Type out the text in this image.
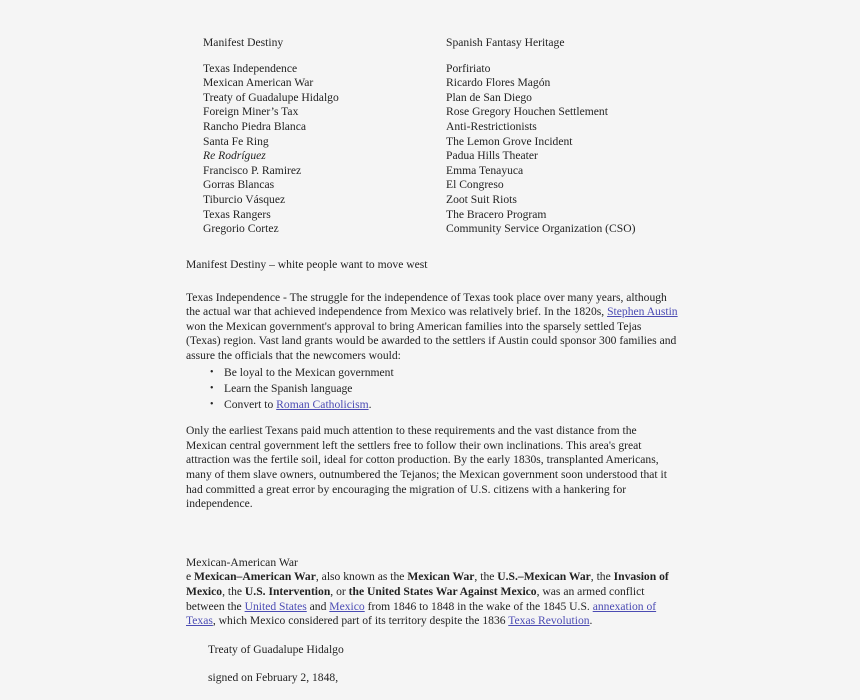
Manifest Destiny
Texas Independence
Mexican American War
Treaty of Guadalupe Hidalgo
Foreign Miner’s Tax
Rancho Piedra Blanca
Santa Fe Ring
Re Rodríguez
Francisco P. Ramirez
Gorras Blancas
Tiburcio Vásquez
Texas Rangers
Gregorio Cortez
Spanish Fantasy Heritage
Porfiriato
Ricardo Flores Magón
Plan de San Diego
Rose Gregory Houchen Settlement
Anti-Restrictionists
The Lemon Grove Incident
Padua Hills Theater
Emma Tenayuca
El Congreso
Zoot Suit Riots
The Bracero Program
Community Service Organization (CSO)

Manifest Destiny – white people want to move west

Texas Independence - The struggle for the independence of Texas took place over many years, although the actual war that achieved independence from Mexico was relatively brief. In the 1820s, Stephen Austin won the Mexican government's approval to bring American families into the sparsely settled Tejas (Texas) region. Vast land grants would be awarded to the settlers if Austin could sponsor 300 families and assure the officials that the newcomers would:

• Be loyal to the Mexican government
• Learn the Spanish language
• Convert to Roman Catholicism.

Only the earliest Texans paid much attention to these requirements and the vast distance from the Mexican central government left the settlers free to follow their own inclinations. This area's great attraction was the fertile soil, ideal for cotton production. By the early 1830s, transplanted Americans, many of them slave owners, outnumbered the Tejanos; the Mexican government soon understood that it had committed a great error by encouraging the migration of U.S. citizens with a hankering for independence.

Mexican-American War

e Mexican–American War, also known as the Mexican War, the U.S.–Mexican War, the Invasion of Mexico, the U.S. Intervention, or the United States War Against Mexico, was an armed conflict between the United States and Mexico from 1846 to 1848 in the wake of the 1845 U.S. annexation of Texas, which Mexico considered part of its territory despite the 1836 Texas Revolution.

Treaty of Guadalupe Hidalgo

signed on February 2, 1848,
